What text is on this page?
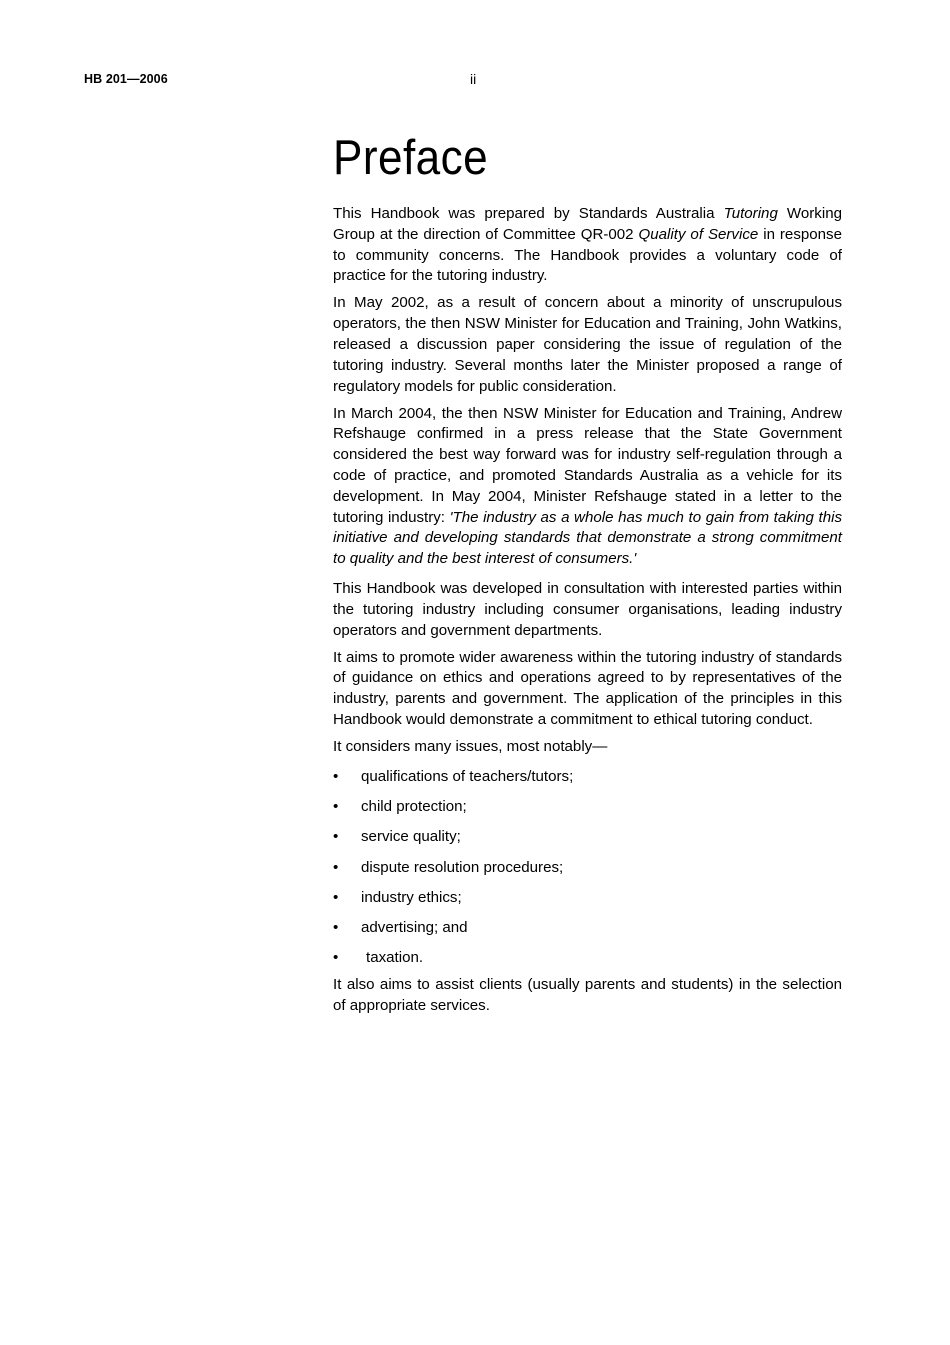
HB 201—2006	ii
Preface

This Handbook was prepared by Standards Australia Tutoring Working Group at the direction of Committee QR-002 Quality of Service in response to community concerns. The Handbook provides a voluntary code of practice for the tutoring industry.

In May 2002, as a result of concern about a minority of unscrupulous operators, the then NSW Minister for Education and Training, John Watkins, released a discussion paper considering the issue of regulation of the tutoring industry. Several months later the Minister proposed a range of regulatory models for public consideration.

In March 2004, the then NSW Minister for Education and Training, Andrew Refshauge confirmed in a press release that the State Government considered the best way forward was for industry self-regulation through a code of practice, and promoted Standards Australia as a vehicle for its development. In May 2004, Minister Refshauge stated in a letter to the tutoring industry: 'The industry as a whole has much to gain from taking this initiative and developing standards that demonstrate a strong commitment to quality and the best interest of consumers.'

This Handbook was developed in consultation with interested parties within the tutoring industry including consumer organisations, leading industry operators and government departments.

It aims to promote wider awareness within the tutoring industry of standards of guidance on ethics and operations agreed to by representatives of the industry, parents and government. The application of the principles in this Handbook would demonstrate a commitment to ethical tutoring conduct.

It considers many issues, most notably—

• qualifications of teachers/tutors;
• child protection;
• service quality;
• dispute resolution procedures;
• industry ethics;
• advertising; and
• taxation.

It also aims to assist clients (usually parents and students) in the selection of appropriate services.
